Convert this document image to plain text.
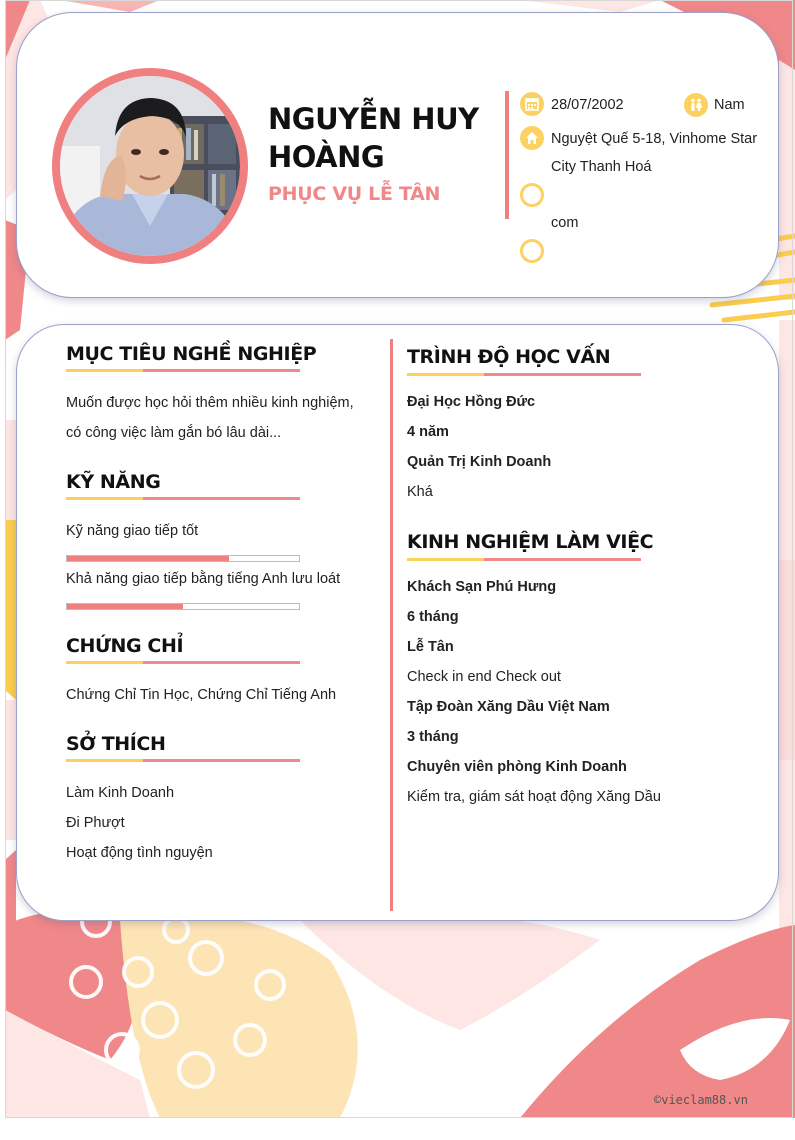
NGUYỄN HUY HOÀNG
PHỤC VỤ LỄ TÂN
28/07/2002	Nam
Nguyệt Quế 5-18, Vinhome Star
City Thanh Hoá
com
MỤC TIÊU NGHỀ NGHIỆP
Muốn được học hỏi thêm nhiều kinh nghiệm,
có công việc làm gắn bó lâu dài...
KỸ NĂNG
Kỹ năng giao tiếp tốt
Khả năng giao tiếp bằng tiếng Anh lưu loát
CHỨNG CHỈ
Chứng Chỉ Tin Học, Chứng Chỉ Tiếng Anh
SỞ THÍCH
Làm Kinh Doanh
Đi Phượt
Hoạt động tình nguyện
TRÌNH ĐỘ HỌC VẤN
Đại Học Hồng Đức
4 năm
Quản Trị Kinh Doanh
Khá
KINH NGHIỆM LÀM VIỆC
Khách Sạn Phú Hưng
6 tháng
Lễ Tân
Check in end Check out
Tập Đoàn Xăng Dầu Việt Nam
3 tháng
Chuyên viên phòng Kinh Doanh
Kiểm tra, giám sát hoạt động Xăng Dầu
©vieclam88.vn
